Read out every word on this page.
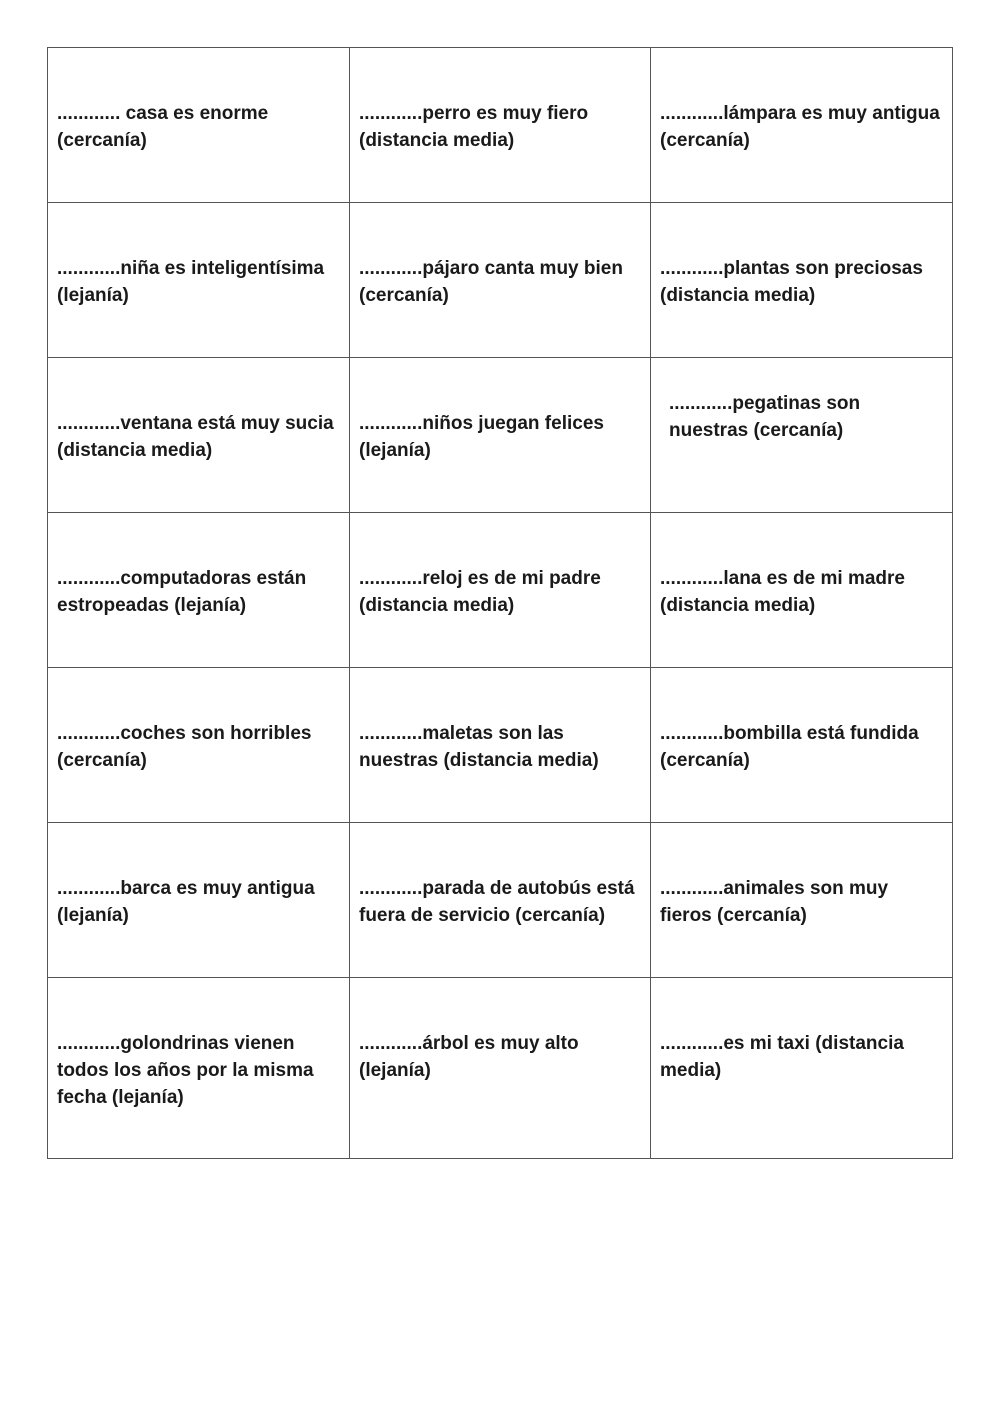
............ casa es enorme (cercanía)	............perro es muy fiero (distancia media)	............lámpara es muy antigua (cercanía)

............niña es inteligentísima (lejanía)	............pájaro canta muy bien (cercanía)	............plantas son preciosas (distancia media)

............ventana está muy sucia (distancia media)	............niños juegan felices (lejanía)	............pegatinas son nuestras (cercanía)

............computadoras están estropeadas (lejanía)	............reloj es de mi padre (distancia media)	............lana es de mi madre (distancia media)

............coches son horribles (cercanía)	............maletas son las nuestras (distancia media)	............bombilla está fundida (cercanía)

............barca es muy antigua (lejanía)	............parada de autobús está fuera de servicio (cercanía)	............animales son muy fieros (cercanía)

............golondrinas vienen todos los años por la misma fecha (lejanía)	............árbol es muy alto (lejanía)	............es mi taxi (distancia media)
